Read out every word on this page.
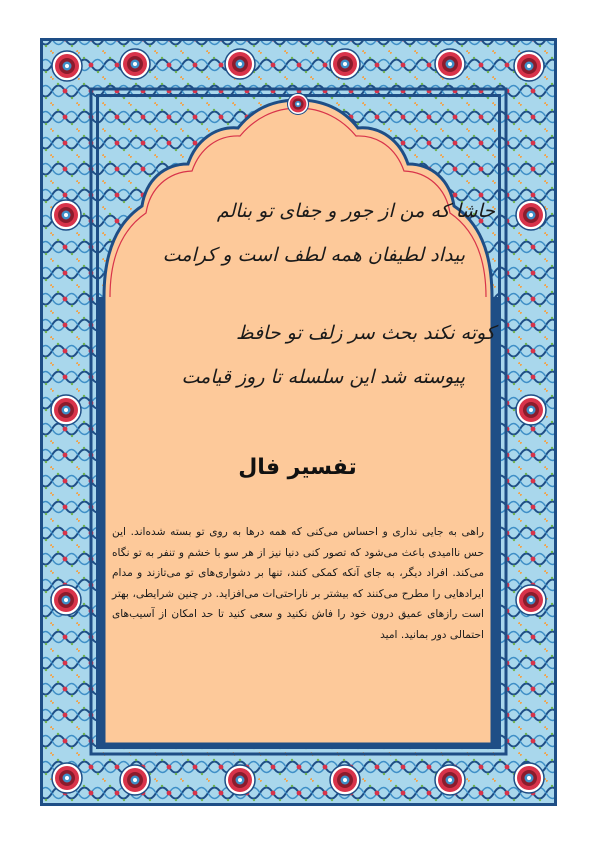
حاشا که من از جور و جفای تو بنالم
بیداد لطیفان همه لطف است و کرامت
کوته نکند بحث سر زلف تو حافظ
پیوسته شد این سلسله تا روز قیامت
تفسیر فال
راهی به جایی نداری و احساس می‌کنی که همه درها به روی تو بسته شده‌اند. این حس ناامیدی باعث می‌شود که تصور کنی دنیا نیز از هر سو با خشم و تنفر به تو نگاه می‌کند. افراد دیگر، به جای آنکه کمکی کنند، تنها بر دشواری‌های تو می‌تازند و مدام ایرادهایی را مطرح می‌کنند که بیشتر بر ناراحتی‌ات می‌افزاید. در چنین شرایطی، بهتر است رازهای عمیق درون خود را فاش نکنید و سعی کنید تا حد امکان از آسیب‌های احتمالی دور بمانید. امید
